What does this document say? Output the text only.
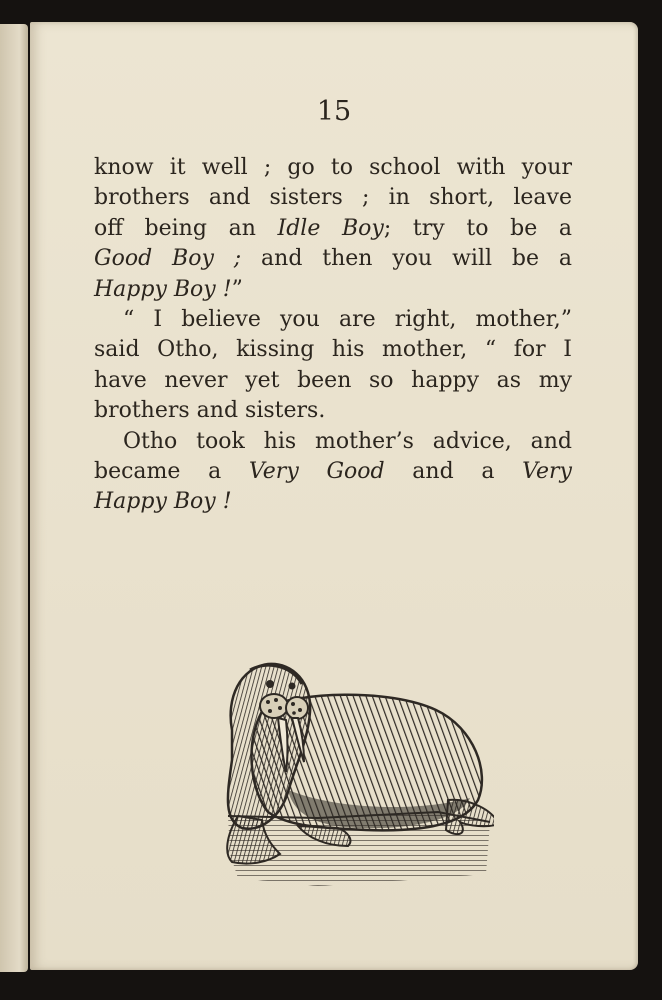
15
know it well ; go to school with your
brothers and sisters ; in short, leave
off being an Idle Boy; try to be a
Good Boy ; and then you will be a
Happy Boy !”
“ I believe you are right, mother,”
said Otho, kissing his mother, “ for I
have never yet been so happy as my
brothers and sisters.
Otho took his mother’s advice, and
became a Very Good and a Very
Happy Boy !
